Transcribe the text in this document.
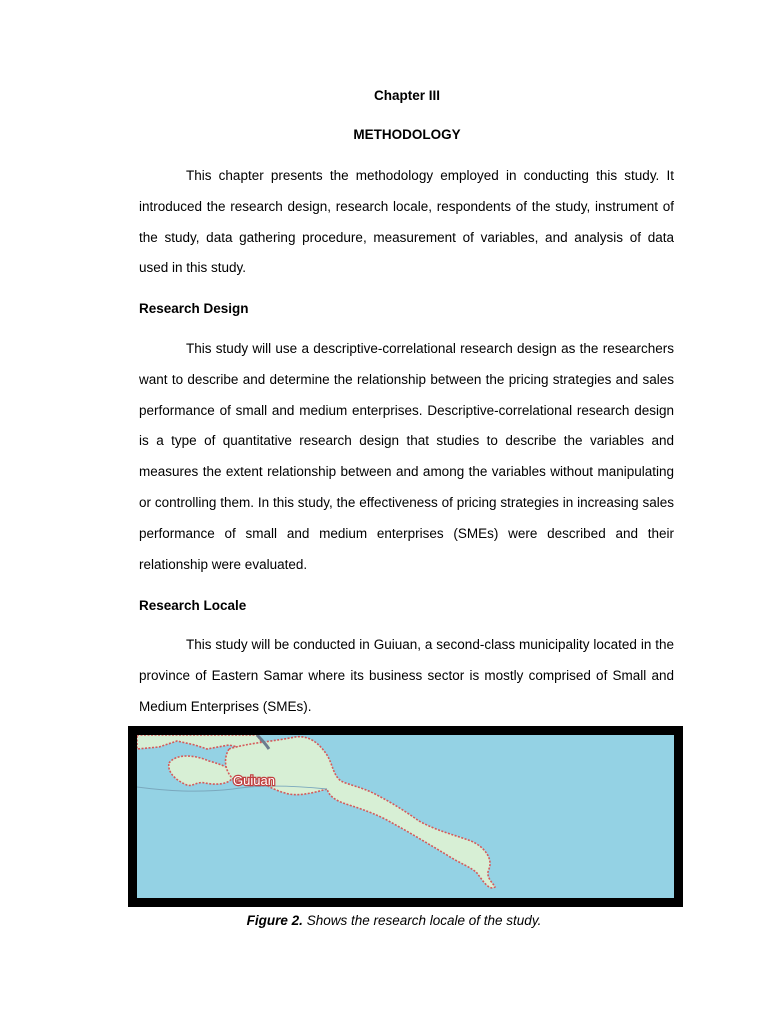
Chapter III
METHODOLOGY

This chapter presents the methodology employed in conducting this study. It introduced the research design, research locale, respondents of the study, instrument of the study, data gathering procedure, measurement of variables, and analysis of data used in this study.

Research Design

This study will use a descriptive-correlational research design as the researchers want to describe and determine the relationship between the pricing strategies and sales performance of small and medium enterprises. Descriptive-correlational research design is a type of quantitative research design that studies to describe the variables and measures the extent relationship between and among the variables without manipulating or controlling them. In this study, the effectiveness of pricing strategies in increasing sales performance of small and medium enterprises (SMEs) were described and their relationship were evaluated.

Research Locale

This study will be conducted in Guiuan, a second-class municipality located in the province of Eastern Samar where its business sector is mostly comprised of Small and Medium Enterprises (SMEs).

Guiuan
Figure 2. Shows the research locale of the study.
